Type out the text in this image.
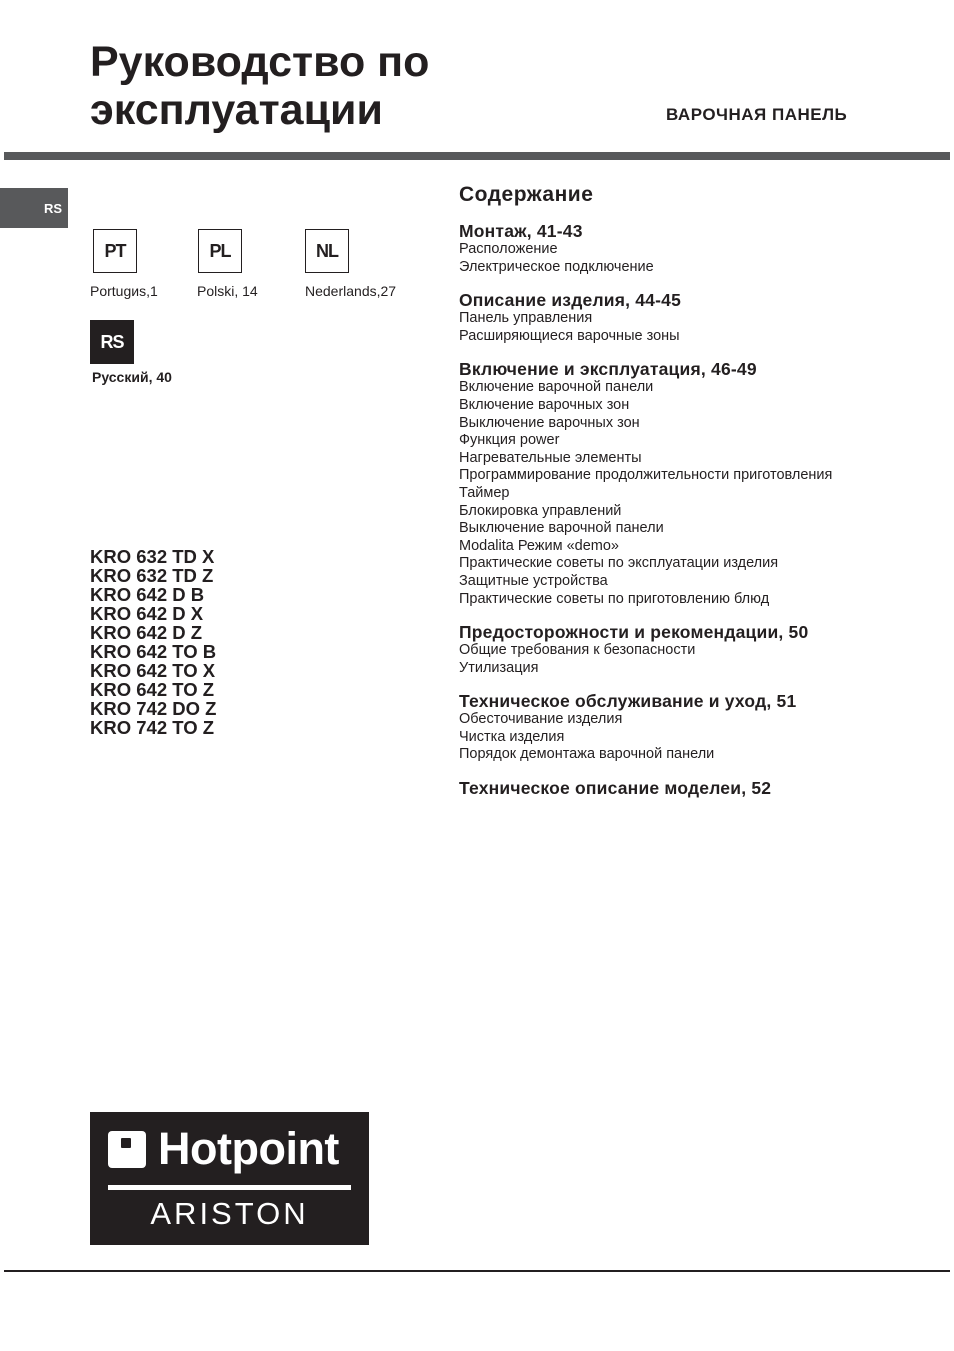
Руководство по
эксплуатации	ВАРОЧНАЯ ПАНЕЛЬ
RS
PT
Portugиs,1
PL
Polski, 14
NL
Nederlands,27
RS
Русский, 40
KRO 632 TD X
KRO 632 TD Z
KRO 642 D B
KRO 642 D X
KRO 642 D Z
KRO 642 TO B
KRO 642 TO X
KRO 642 TO Z
KRO 742 DO Z
KRO 742 TO Z
Содержание
Монтаж, 41-43
Расположение
Электрическое подключение
Описание изделия, 44-45
Панель управления
Расширяющиеся варочные зоны
Включение и эксплуатация, 46-49
Включение варочной панели
Включение варочных зон
Выключение варочных зон
Функция power
Нагревательные элементы
Программирование продолжительности приготовления
Таймер
Блокировка управлений
Выключение варочной панели
Modalita Режим «demo»
Практические советы по эксплуатации изделия
Защитные устройства
Практические советы по приготовлению блюд
Предосторожности и рекомендации, 50
Общие требования к безопасности
Утилизация
Техническое обслуживание и уход, 51
Обесточивание изделия
Чистка изделия
Порядок демонтажа варочной панели
Техническое описание моделеи, 52
Hotpoint
ARISTON
